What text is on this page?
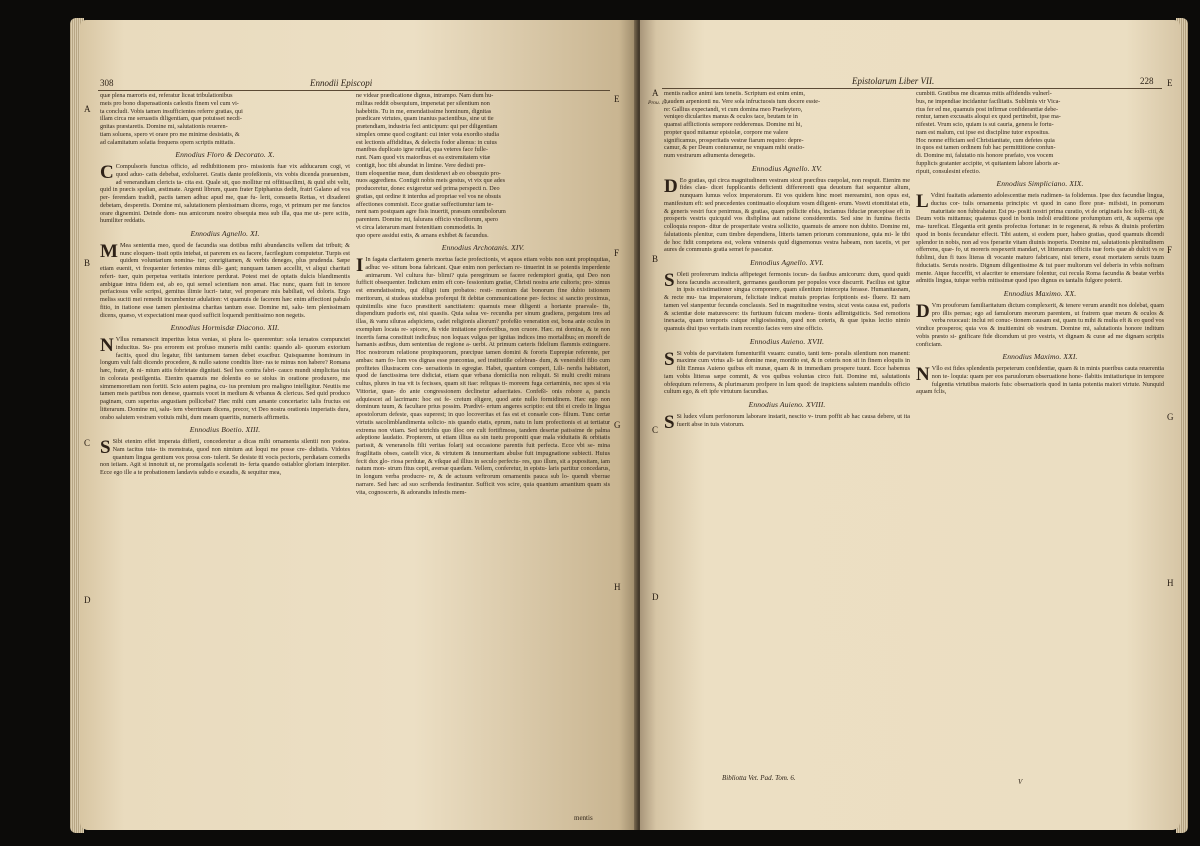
308	Ennodii Episcopi
A
B
C
D
E
F
G
H
quæ plena mæroris est, referatur liceat tribulationibus
meis pro bono dispensationis cælestis finem vel cum vi-
ta concludi. Vobis tamen insufficientes referre gratias, qui
illam circa me seruastis diligentiam, quæ potuisset necdi-
gnitas præstaretis. Domine mi, salutationis reueren-
tiam soluens, spero vt orare pro me minime desistatis, &
ad calamitatum solatia frequens opem scriptis mittatis.
Ennodius Floro & Decorato. X.

C Compulsoris functus officio, ad redhibitionem pro- missionis fuæ vix adducarum cogi, vt quod aduo- catis debebat, exfolueret. Gratis dante profeßionis, vix vobis dicenda præuenism, ad venerandiam clericis ta- cita est. Quale sit, quo mollitur mi offitisacilimi, & quid sibi velit, quid in præcis spolian, æstimate. Argenti librum, quam frater Epiphanius dedit, fratri Galano ad vos per- ferendam tradidi, pactis tamen adhuc apud me, quæ fu- lerit, consuetis Rettas, vt dixaderei debetam, desperetis. Domine mi, salutationem plenissimam dicens, rogo, vt primum per me fanctos orare dignemini. Deinde dom- nus amicorum nostro obsequia mea sub illa, qua me ut- pere scitis, humiliter reddatis.

Ennodius Agnello. XI.

M Mea sententia meo, quod de facundia sua dotibus mihi abundanciis vellem dat tribuit; & nunc eloquen- tissit optis intebat, ut parerem ex ea facere, facrilegium computetur. Turpis est quidem voluntarium nomina- tur; conrigitamen, & verbis deneges, plus prudenda. Sæpe etiam euenit, vt frequenter ferientes minus dili- gant; nunquam tamen accellit, vt aliqui charitati refert- tuer, quin perpetua veritatis interiore perdurat. Potest mei de optatis dulcis blandimentis ambiguæ intra fidem est, ab eo, qui semel scientiam non amat. Hac nunc, quam fuit in tenore perfaciosus velle scripsi, gemitus ilimie lucri- tatur, vel properare mis babiliati, vel doloris. Ergo meliss suciti mei remedii incumbentur adulation: vt quamuis de facerem hæc enim affectioni pabulo fitio, in itatione esse tamen plenissima charitas tantum esse. Domine mi, salu- tem plenissimam dicens, quæso, vt expectationi meæ quod sufficit loquendi penitissimo non negetis.

Ennodius Hormisdæ Diacono. XII.

N Vllus remanescit imperitus lotus venias, si plura lo- quererentur: sola ieruatos compunctet inducitus. Su- pra errorem est profuso muneris mihi cantis: quando ali- quorum extorium facitis, quod diu legatur, fibi tantumem tamen debet exactbur. Quisquamne hominum in longum vult falti dicendo procedere, & nullo satone conditis liter- ras te minus non habere? Romana hæc, frater, & ni- mium attis fobrietate dignitati. Sed hos contra fabri- cauco mundi simplicitas tuis in colorata pestilgentia. Etenim quamuis me dolentis eo se stolus in oratione produxero, me simmemoretiam non fortiti. Scio autem pagina, cu- ius premium pro maligno intelligitur. Neutiis me tamen meis partibus non denese, quamuis vocet in medium & vrbanus & clericus. Sed quid produco paginam, cum superius angustiam pollicebat? Hæc mihi cum amante concertario: talis fructus est litterarum. Domine mi, salu- tem vberrimam dicens, precor, vt Deo nostra orationis imperiatis dura, orabo salutem vestram votiuis mihi, dum meam quæritis, numeris affirmetis.

Ennodius Boetio. XIII.

S Sibi etenim effet imperata differti, concederetur a dicas mihi ornamenta silentii non postea. Nam tacitus tuta- tis monstrata, quod non nimium aut loqui me posse cre- didistis. Vidotes quantum lingua gentium vox prosa con- tulerit. Se desiste tti vocis pectoris, perdiatam comedis non ieiiam. Agit si innotuit ut, ne promulgatis scelerati in- ferta quando ostiablor gloriam interpiter. Ecce ego ille a te probationem landavis subdo e exaudis, & sequitur mea,

ne videar prædicatione dignus, intrampo. Nam dum hu-
militas reddit obsequium, impenetat per silentium non
habebitis. Tu in me, emendatissime hominum, dignitas
prædicare virtutes, quam inanius pacientibus, sine ut tie
prætendiam, industria feci anticipum: qui per diligentiam
simplex omne quod cogitant: cui inter vota exordio studia
est lectionis affididitas, & delectis fodor alienus: in cuius
manibus duplicato igne rutilat, qua veteres face fulle-
runt. Nam quod vix maioribus et ea extremitatem vitæ
contigit, hoc tibi abundat in limine. Vere dedisti pre-
tium eloquentiæ meæ, dum desideravi ab eo obsequio pro-
nuos aggrediens. Contigit nobis meis gestus, vt vix que ades
produceretur, donec exigeretur sed prima perspecti n. Deo
gratias, qui ordine it interdus ad propriae vel vos ne obsuis
affectiones commisit. Ecce gratiæ suffectiumtur iam te-
nent nam postquam agre fisis inuertit, præsum omnibolorum
parentem. Domine mi, falurans officio vinciliorum, spero
vt circa laterarum mani fretenitiam commodetis. In
quo opere assidui estis, & amans exhibet & facundus.
Ennodius Archotanis. XIV.

I In fagata claritatem generis mortua facie profectionis, vt aquos etiam vobis non sunt propinquitas, adhuc ve- stitum bona fabricant. Quæ enim non perfectam re- tinuerint in se potentis imperdente animarum. Vel cultura fur- blimi? quia peregrinum se facere redemptori gratia, qui Deo non fufficit obsequenter. Indicium enim eft con- fessionium gratiæ, Christi nostra arte cultoris; pro- ximus est emendatissimis, qui diligit ium probatos: resti- monium dat bonorum fine dubio istionem meritorum, si studeas studebus proferqui fit debitæ communicatione per- fectos: si sanctio proximus, quiniimilis sine fuco præstiterit sanctitatem: quamuis meæ diligenti a hortante praevale- tis, dispendium pudoris est, nisi quasiis. Quia salua ve- recundia per sinum gradiens, pergatum ires ad illas, & vanu siluras adspiciens, cadet religionis aliorum? profeßio veneration est, bona ante oculos in exemplum locata re- spicere, & vide imitatione profectibus, non cruore. Hæc. mi domina, & te non incertis fama constituit indicibus; non loquax vulgus per ignitas indices imo mortalibus; en moreft de hamanis astibus, dum sententias de regione a- uerbi. At primum cæteris fidelium flammis extinguere. Hoc nostrorum relatione propinquorum, præcipue tamen domini & fororis Euprepiæ referente, per ambas: nam fo- lum vos dignas esse præcontas, sed institutiße celebran- dum, & venerabili filio cum profitetes illustracem con- uersationis in egregiæ. Habet, quantum comperi, Lili- nenfis habitatori, quod de fanctissima tere didiciat, etiam quæ vrbana domicilia non reliquit. Si multi credit mirara cultus, plures in tua vit is fecisses, quam sit itae: reliquas ti- moreem fuga certaminis, nec spes si via Vittoriæ, quan- do ante congressionem declinetur adueritates. Confeßi- onis robore a, pancis adquiescet ad lacrimam: hoc est fe- creium eligere, quod ante nullo formidinem. Hæc ego non dominum tuum, & facultare prius possim. Prædivi- ertum angeres scriptio: eui tibi ei credo in lingua apostolorum defeste, quas superest; in quo locoveritas et fas est et consæle con- filium. Tunc certæ virtutis sacolimblandimenta solicio- nis quando etatis, eprum, natu in lum profectionis ei at tertiatur extrema non vitam. Sed tetrichis quo illoc ore cult fortifimoss, tandem desertæ patissime de palma adeptione laudatio. Propterem, ut etiam illius ea sin tuetu proponiti quæ mala viduitatis & orbitatis parissit, & veneranolis filii veritas folarij sui occasione parentis fuit perfecta. Ecce vbi se- mina fragilitatis obses, castelli vice, & virtutem & innumeritam abulse fuit impugnatione subiecti. Huius fecit dux glo- riosa perdutæ, & vikque ad illius in seculo perfectu- res, quo illum, sit a pupositam, iam natum mon- strum fitus cepit, aversæ quædam. Vellem, conferetur, in epistu- laris partitur concedarus, in longum verba producre- re, & de actuum veftrorum ornamentis pauca sub lo- quendi vberrae narrare. Sed hæc ad suo scribenda festinantur. Sufficit vos scire, quia quantum amantium quam sis vita, cognosceris, & adorandis infestis mem-

mentis
Epistolarum Liber VII.	228
A
Prou. 17.
B
C
D
E
F
G
H
mentis radice animi iam tenetis. Scriptum est enim enim,
Laudem arpenionti nu. Vere sola infructuosis tum docere esste-
re: Gallius expectandi, vt cum domina meo Praefeytero,
veniqeo dicularites manus & oculos tace, beutam te in
quamsi afflictionis sempore redderemus. Domine mi hi,
propter quod mitamur epistolæ, corpore me valere
significamus, prosperitatis vestræ fiarum requiro: depre-
camur, & per Deum coniuramur, ne vnquam mihi oratio-
num vestrarum adiumenta denegetis.
Ennodius Agnello. XV.

D Eo gratias, qui circa magnitudinem vestram sicut præcibus cuepolat, non respuit. Etenim me fides clau- dicet fupplicantis deficienti differeronti qua deuotum ftat sequentur alium, nunquam lumus velox imperatorum. Et vos quidem hinc moet mereamini, non opus est, manifestum eft: sed præcedentes continuatio eloquium vosm diligent- erum. Vosvti etomitistat etis, & generis vestri fuce penirmus, & gratias, quam pollicite efsis, inciamus fiduciæ præcepisse eft in prosperis vestris quicquid vos disfiplina aut ratione considerentis. Sed sine in fumina fiectis colloquia respon- ditur de prosperitate vestra sollicito, quamuis de amore non dubito. Domine mi, falutationis plenitur, cum timbre dependiens, litteris tamen priorum communione, quia mi- le tibi de hoc fidit competens est, volens vninersis quid dignemonus vestra habeam, non tacetis, vt per aures de communis gratia semet fe pascatur.

Ennodius Agnello. XVI.

S Oleti profererum indicia affipeteget fermonis iocun- da fasibus amicorum: dum, quod quidi hora facundis accessiterit, germanes gaudiorum per populos voce discurrit. Facilius est igitur in ipsis existimationer singua componere, quam silentium intercepta ferasse. Humanitasnam, & recte mu- tua imperatorum, felicitate indicat mutuis proprias fcriptionis est- fluere. Et nam tamen vel stanpentur fecunda conclausis. Sed in magnitudine vestra, sicut vesta causa est, pudoris & scientiæ dote maturescere: tis furtiuum fuicum modera- tionis adlimitgsiticis. Sed remotiora inexacta, quam temporis cuique religiosissimis, quod non ceteris, & quæ ipsius lectio nimio quamuis diui ipso veritatis iram recentio facies vero sine officio.

Ennodius Auieno. XVII.

S Si vobis de parvitatem fumenturifii vsuam: curatio, tanti tem- poralis silentium non manent: maxime cum virtus ali- tat domine meæ, monitio est, & in ceteris non sit in finem eloquiis in filit Enmus Auieno quibus eft munæ, quam & in immediam prospere tuunt. Ecce habemus iam vobis litteras sæpe commit, & vos quibus voluntas circo fuit. Domine mi, salutationis obfequium referrens, & plurimarum profpere in lum quod: de inspiciens salutem mandulis officio cultum ego, & eft ipfe virtutum facundias.

Ennodius Auieno. XVIII.

S Si ludex vilum perfonorum laborare instarit, nescito v- trum poffit ab hac causa debere, ut ita fuerit abse in tuis vistorum.

Bibliotta Vet. Pad. Tom. 6.
cumbiti. Gratibus me dicamus mitis affidendis vulnerl-
bus, ne impendiae incidantur facilitatis. Sublimis vir Vica-
rius fer ed me, quamuis post infirmæ confiderantiæ debe-
rentur, tamen excusatis aloqui ex quod pertinebit, ipse ma-
nifestet. Vrum scio, quiam is sui cauria, genera le fortu-
nam est malum, cui ipse est discipline tutor expositus.
Hoc nonne efficiam sed Christianitate, cum defetes quia
in quos est tamen ordinem fub hac permittitione confun-
di. Domine mi, falutatio nis honore præfato, vos vocem
fupplicis gratanter accipite, vt quitantem labore laboris ar-
ripuit, consulesint efectio.
Ennodius Simpliciano. XIX.

L Vdini fuaitatis adamento adolescentiæ meis rudimen- ta folidemus. Ipse dux facundiæ lingua, ductus cor- tulis ornamenta principis: vt quod in cano flore præ- mifsisti, in pomorum maturitate non fubtrahatur. Est pu- positi nostri prima curatio, vt de originatis hoc folli- citi, & Deum votis mittamus; quatenus quod in bonis indoli eruditione profumptum erit, & superna ope ma- tureficat. Elegantia erit gentis profectus fortunæ: in te regenerat, & rebus & diuinis profertim quod in bonis fecundatur effecit. Tibi autem, si eodem puer, habeo gratias, quod quamuis dicendi splendor in nobis, non ad vos fperarite vitam diuinis inoperis. Domine mi, salutationis plenitudinem offerrens, quæ- fo, ut moreris respexerit mandari, vt litterarum officiis tuæ foris quæ ab dulcit vs re fublimi, dun fi tuos literas di vocante maturo fabricare, nisi tenere, exeat mortatem seruis tuum fiduciatis. Seruis nostris. Dignum diligentissime & tui puer multorum vel deberis in vrbis noftram mente. Atque fucceffit, vt alacriter te emerstare folentur, cui recula Roma facundia & beatæ verbis admitis lingua, tuique verbis mitissimæ quod ipso dignus es tantalis fulgore poterit.

Ennodius Maximo. XX.

D Vm prouforum familiaritatum dictum complexerit, & tenere verum arandit nos dolebat, quam pro illis pernas; ego ad famulorum meorum parentem, ut fratrem quæ meum & oculos & verba reuocaui: inclui rei conuc- tionem causam est, quam tu mihi & multa eft & eo quod vos vindice prosperos; quia vos & inuitiemini ob vestrum. Domine mi, salutationis honore inditum vobis præsto si- gnificare fide dicendum ut pro vestris, vt dignam & curæ ad me dignam scriptis conficiam.

Ennodius Maximo. XXI.

N Vllo est fides splendentis perpeterum confidentiæ, quam & in minis pueribus cauta reuerentia non te- loquia: quam per eos paruulorum obseruatione hone- flabitis imitatiurique in tempore fulgentia virtutibus maioris fuis: obseruatioris quod in tanta potentia maiori virtute. Nunquid aquam fclis,

V
